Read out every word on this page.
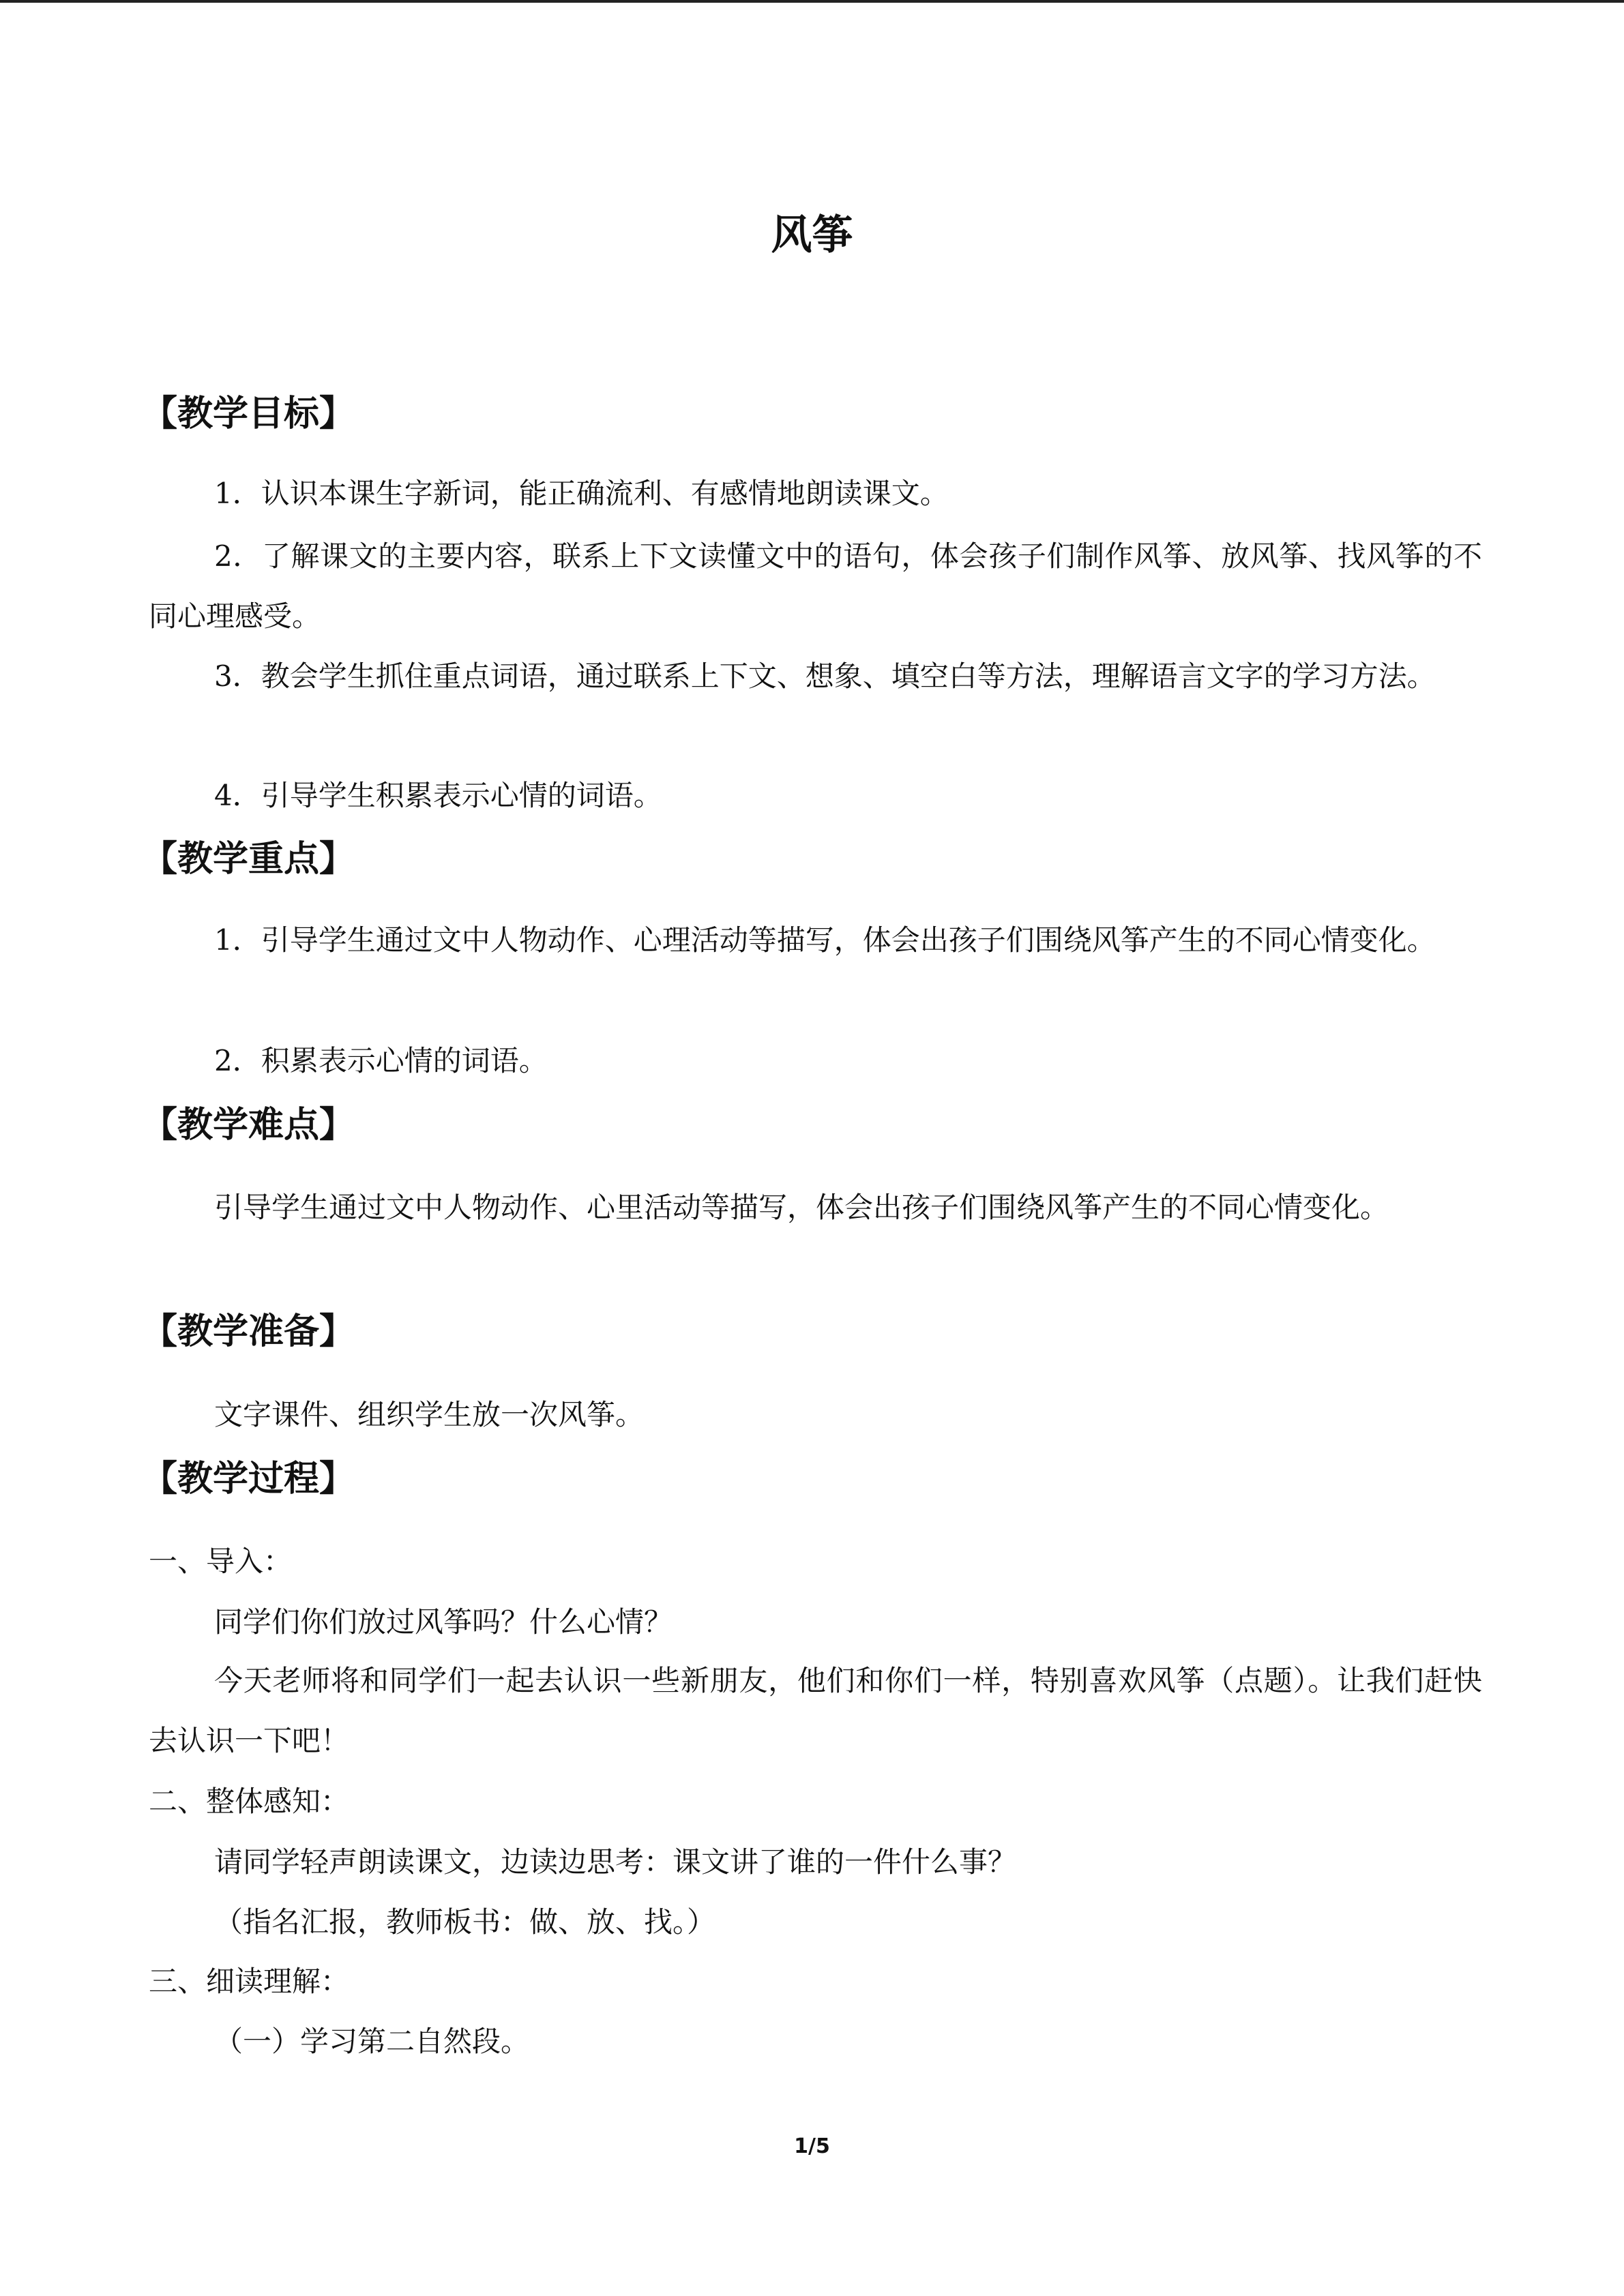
风筝
【教学目标】
1．认识本课生字新词，能正确流利、有感情地朗读课文。
2．了解课文的主要内容，联系上下文读懂文中的语句，体会孩子们制作风筝、放风筝、找风筝的不同心理感受。
3．教会学生抓住重点词语，通过联系上下文、想象、填空白等方法，理解语言文字的学习方法。
4．引导学生积累表示心情的词语。
【教学重点】
1．引导学生通过文中人物动作、心理活动等描写，体会出孩子们围绕风筝产生的不同心情变化。
2．积累表示心情的词语。
【教学难点】
引导学生通过文中人物动作、心里活动等描写，体会出孩子们围绕风筝产生的不同心情变化。
【教学准备】
文字课件、组织学生放一次风筝。
【教学过程】
一、导入：
同学们你们放过风筝吗？什么心情？
今天老师将和同学们一起去认识一些新朋友，他们和你们一样，特别喜欢风筝（点题）。让我们赶快去认识一下吧！
二、整体感知：
请同学轻声朗读课文，边读边思考：课文讲了谁的一件什么事？
（指名汇报，教师板书：做、放、找。）
三、细读理解：
（一）学习第二自然段。
1/5
